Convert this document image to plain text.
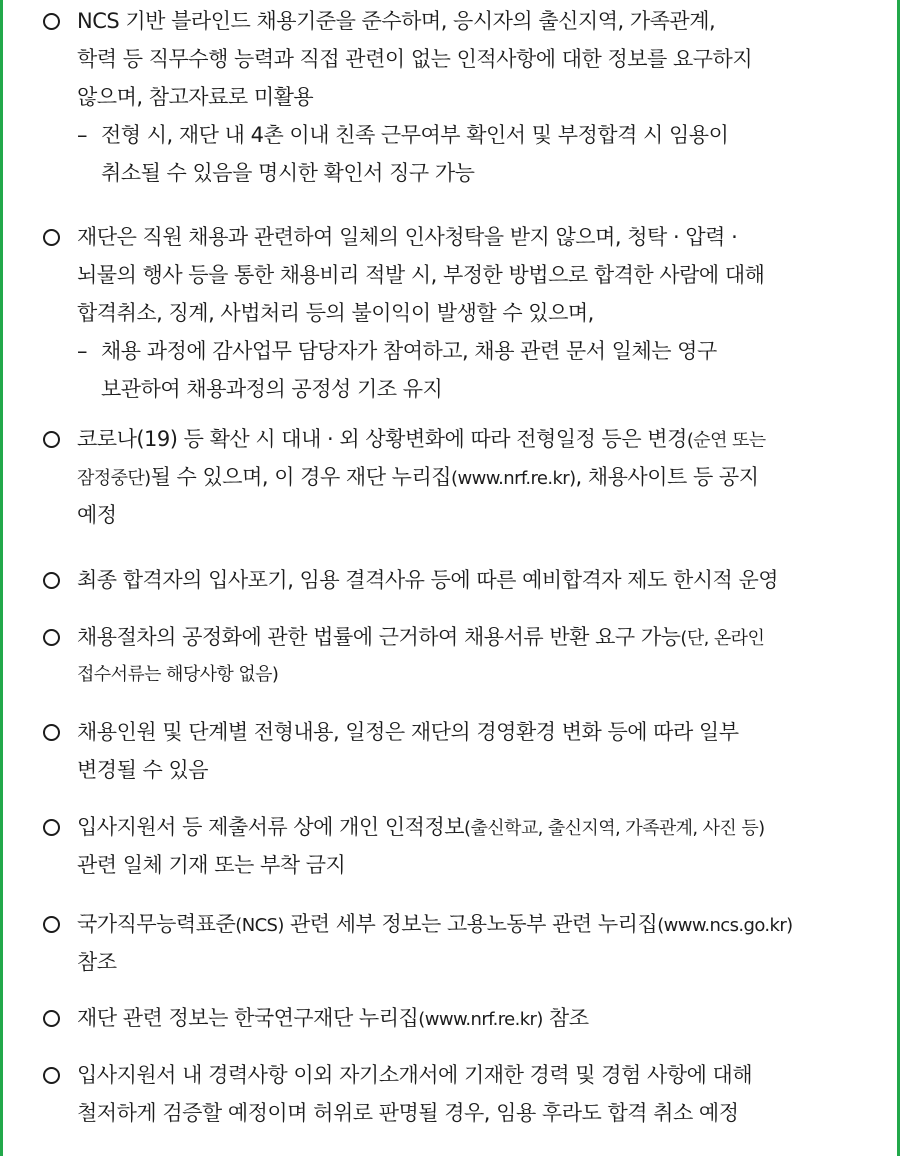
NCS 기반 블라인드 채용기준을 준수하며, 응시자의 출신지역, 가족관계,
학력 등 직무수행 능력과 직접 관련이 없는 인적사항에 대한 정보를 요구하지
않으며, 참고자료로 미활용
– 전형 시, 재단 내 4촌 이내 친족 근무여부 확인서 및 부정합격 시 임용이
취소될 수 있음을 명시한 확인서 징구 가능
재단은 직원 채용과 관련하여 일체의 인사청탁을 받지 않으며, 청탁 · 압력 ·
뇌물의 행사 등을 통한 채용비리 적발 시, 부정한 방법으로 합격한 사람에 대해
합격취소, 징계, 사법처리 등의 불이익이 발생할 수 있으며,
– 채용 과정에 감사업무 담당자가 참여하고, 채용 관련 문서 일체는 영구
보관하여 채용과정의 공정성 기조 유지
코로나(19) 등 확산 시 대내 · 외 상황변화에 따라 전형일정 등은 변경(순연 또는
잠정중단)될 수 있으며, 이 경우 재단 누리집(www.nrf.re.kr), 채용사이트 등 공지
예정
최종 합격자의 입사포기, 임용 결격사유 등에 따른 예비합격자 제도 한시적 운영
채용절차의 공정화에 관한 법률에 근거하여 채용서류 반환 요구 가능(단, 온라인
접수서류는 해당사항 없음)
채용인원 및 단계별 전형내용, 일정은 재단의 경영환경 변화 등에 따라 일부
변경될 수 있음
입사지원서 등 제출서류 상에 개인 인적정보(출신학교, 출신지역, 가족관계, 사진 등)
관련 일체 기재 또는 부착 금지
국가직무능력표준(NCS) 관련 세부 정보는 고용노동부 관련 누리집(www.ncs.go.kr)
참조
재단 관련 정보는 한국연구재단 누리집(www.nrf.re.kr) 참조
입사지원서 내 경력사항 이외 자기소개서에 기재한 경력 및 경험 사항에 대해
철저하게 검증할 예정이며 허위로 판명될 경우, 임용 후라도 합격 취소 예정
